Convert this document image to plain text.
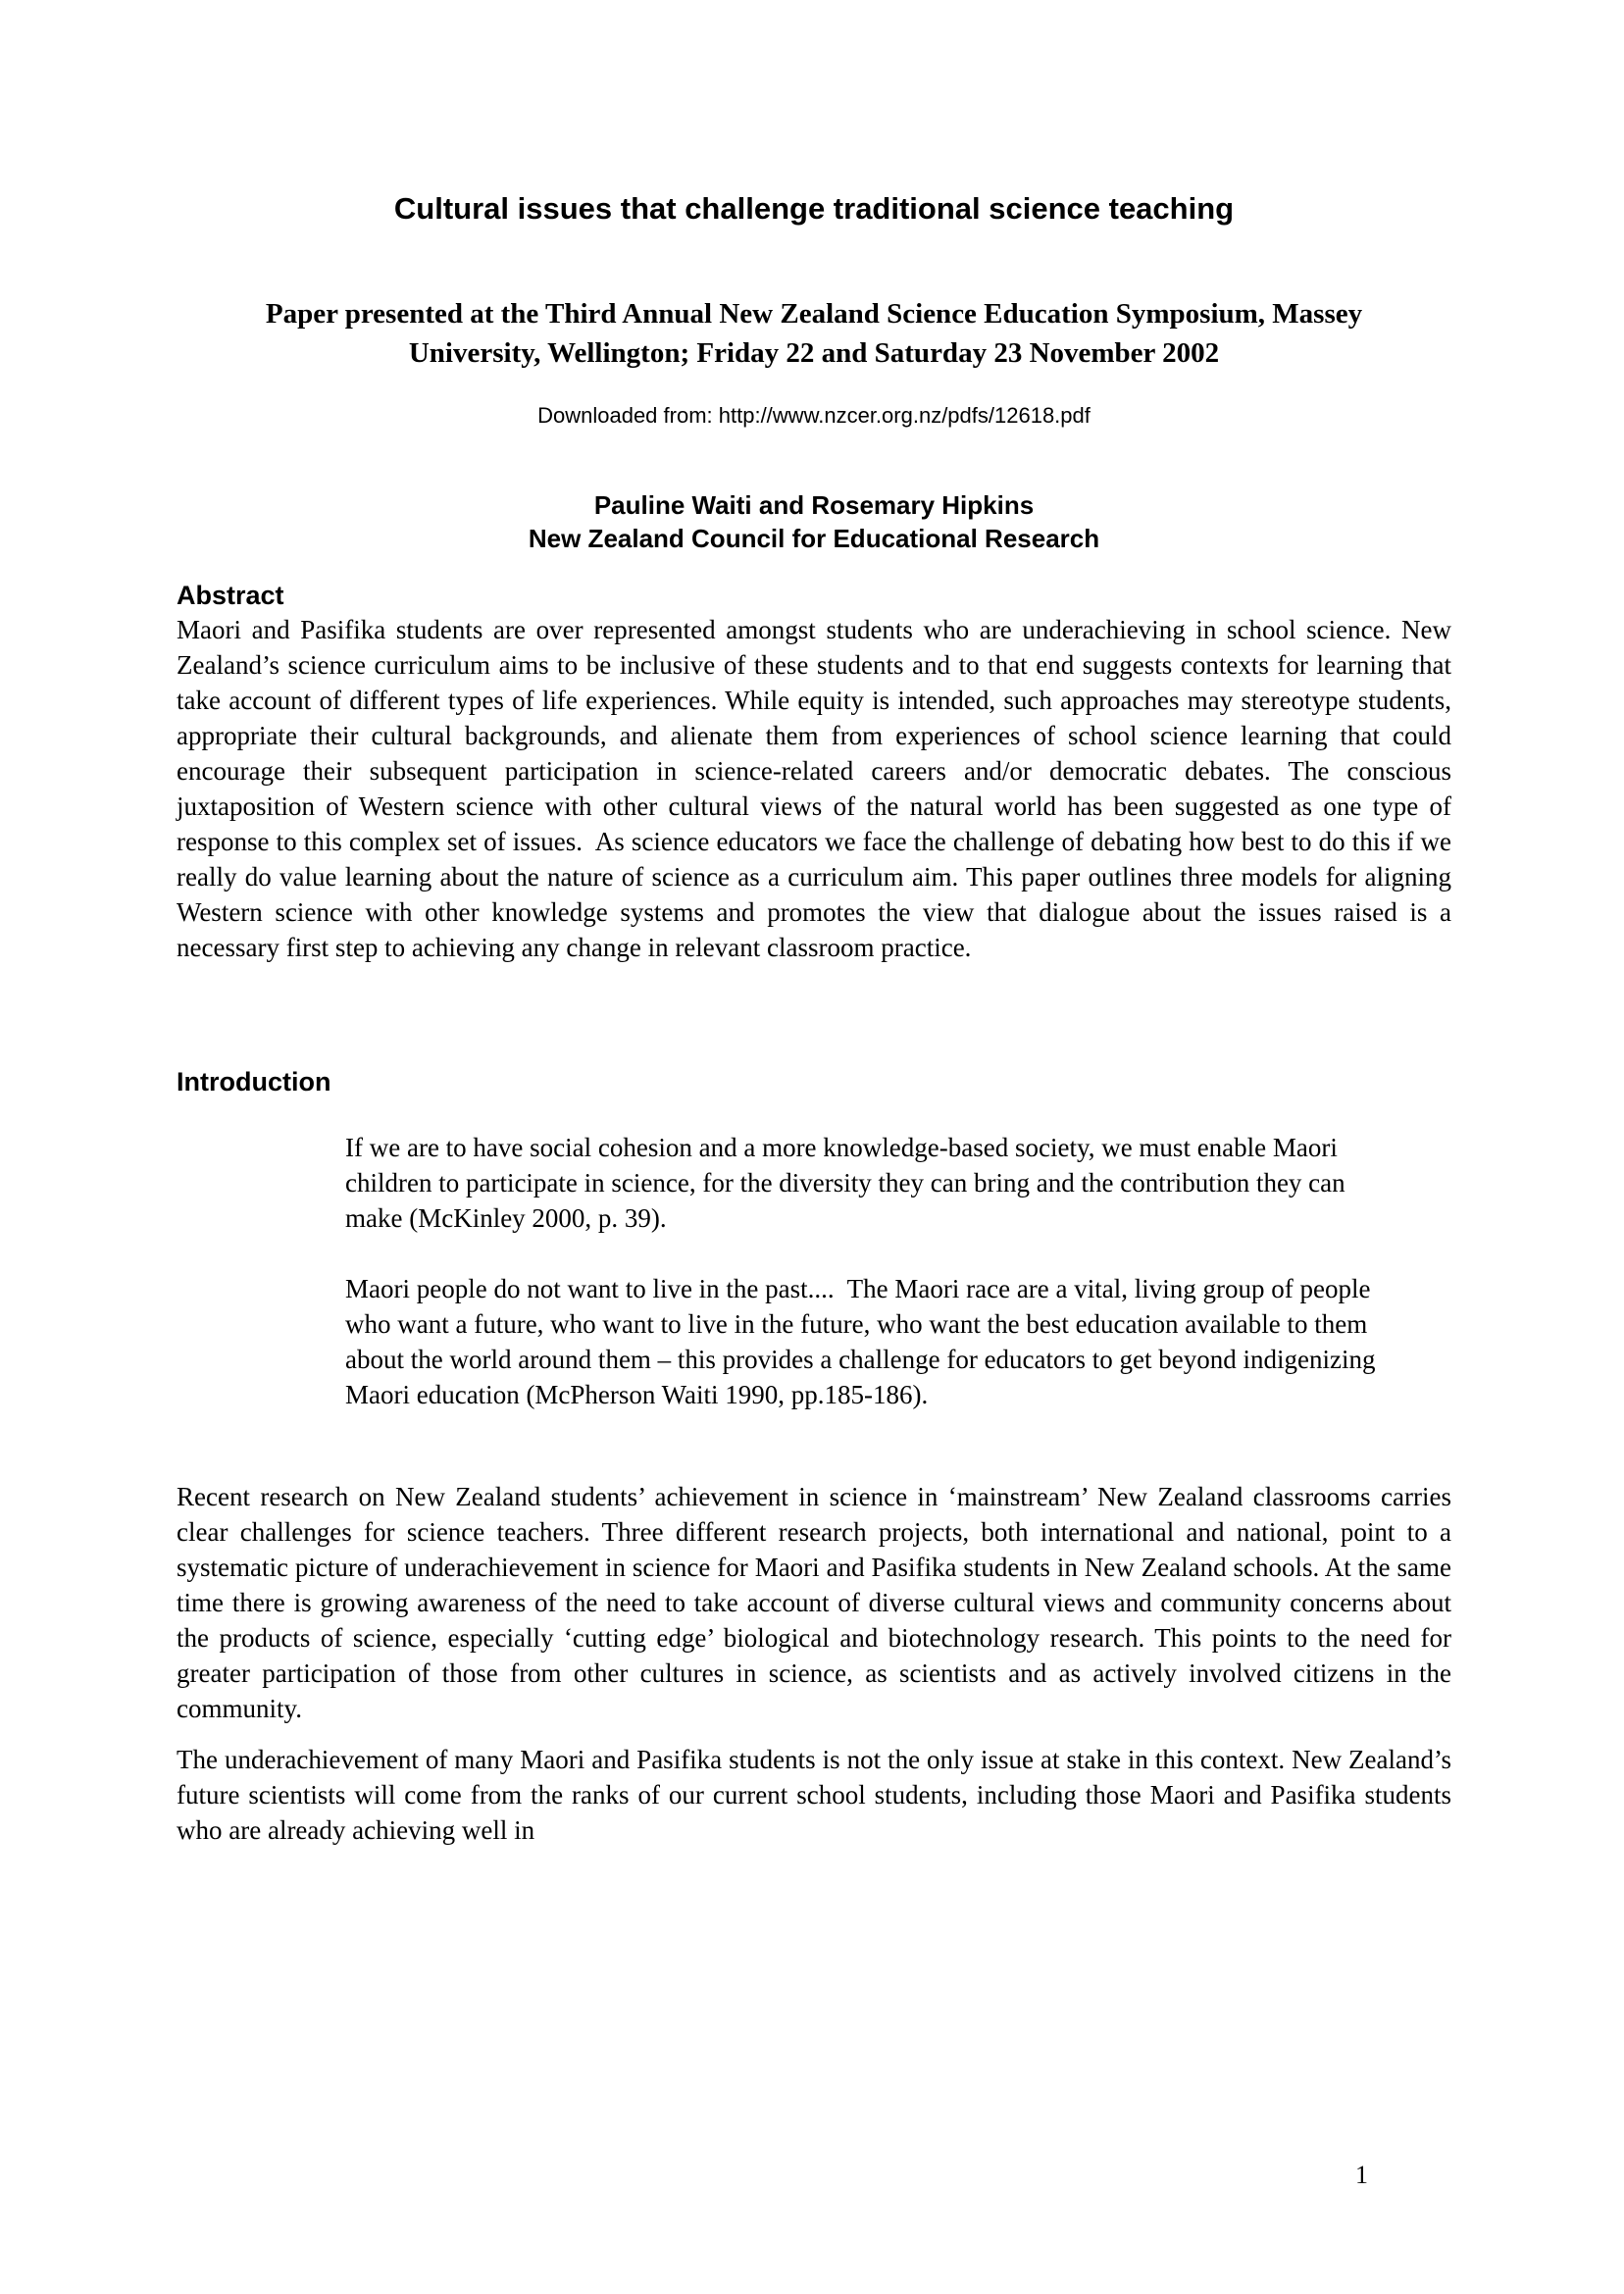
Cultural issues that challenge traditional science teaching
Paper presented at the Third Annual New Zealand Science Education Symposium, Massey University, Wellington; Friday 22 and Saturday 23 November 2002
Downloaded from: http://www.nzcer.org.nz/pdfs/12618.pdf
Pauline Waiti and Rosemary Hipkins
New Zealand Council for Educational Research
Abstract

Maori and Pasifika students are over represented amongst students who are underachieving in school science. New Zealand’s science curriculum aims to be inclusive of these students and to that end suggests contexts for learning that take account of different types of life experiences. While equity is intended, such approaches may stereotype students, appropriate their cultural backgrounds, and alienate them from experiences of school science learning that could encourage their subsequent participation in science-related careers and/or democratic debates. The conscious juxtaposition of Western science with other cultural views of the natural world has been suggested as one type of response to this complex set of issues.  As science educators we face the challenge of debating how best to do this if we really do value learning about the nature of science as a curriculum aim. This paper outlines three models for aligning Western science with other knowledge systems and promotes the view that dialogue about the issues raised is a necessary first step to achieving any change in relevant classroom practice.

Introduction

If we are to have social cohesion and a more knowledge-based society, we must enable Maori children to participate in science, for the diversity they can bring and the contribution they can make (McKinley 2000, p. 39).

Maori people do not want to live in the past....  The Maori race are a vital, living group of people who want a future, who want to live in the future, who want the best education available to them about the world around them – this provides a challenge for educators to get beyond indigenizing Maori education (McPherson Waiti 1990, pp.185-186).

Recent research on New Zealand students’ achievement in science in ‘mainstream’ New Zealand classrooms carries clear challenges for science teachers. Three different research projects, both international and national, point to a systematic picture of underachievement in science for Maori and Pasifika students in New Zealand schools. At the same time there is growing awareness of the need to take account of diverse cultural views and community concerns about the products of science, especially ‘cutting edge’ biological and biotechnology research. This points to the need for greater participation of those from other cultures in science, as scientists and as actively involved citizens in the community.

The underachievement of many Maori and Pasifika students is not the only issue at stake in this context. New Zealand’s future scientists will come from the ranks of our current school students, including those Maori and Pasifika students who are already achieving well in

1
